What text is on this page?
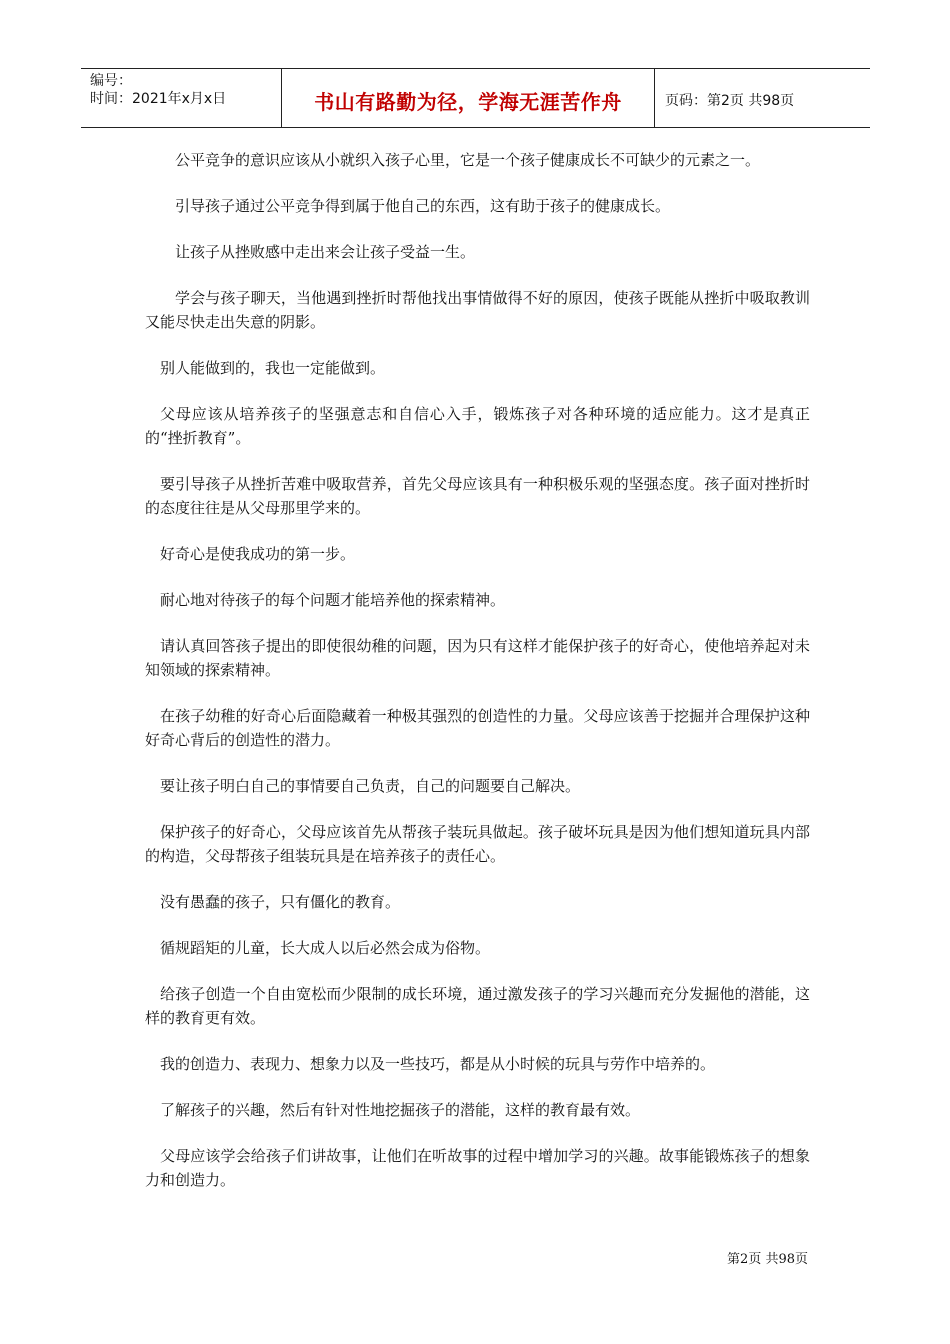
编号：
时间：2021年x月x日	书山有路勤为径，学海无涯苦作舟	页码：第2页 共98页

公平竞争的意识应该从小就织入孩子心里，它是一个孩子健康成长不可缺少的元素之一。

引导孩子通过公平竞争得到属于他自己的东西，这有助于孩子的健康成长。

让孩子从挫败感中走出来会让孩子受益一生。

学会与孩子聊天，当他遇到挫折时帮他找出事情做得不好的原因，使孩子既能从挫折中吸取教训又能尽快走出失意的阴影。

别人能做到的，我也一定能做到。

父母应该从培养孩子的坚强意志和自信心入手，锻炼孩子对各种环境的适应能力。这才是真正的“挫折教育”。

要引导孩子从挫折苦难中吸取营养，首先父母应该具有一种积极乐观的坚强态度。孩子面对挫折时的态度往往是从父母那里学来的。

好奇心是使我成功的第一步。

耐心地对待孩子的每个问题才能培养他的探索精神。

请认真回答孩子提出的即使很幼稚的问题，因为只有这样才能保护孩子的好奇心，使他培养起对未知领域的探索精神。

在孩子幼稚的好奇心后面隐藏着一种极其强烈的创造性的力量。父母应该善于挖掘并合理保护这种好奇心背后的创造性的潜力。

要让孩子明白自己的事情要自己负责，自己的问题要自己解决。

保护孩子的好奇心，父母应该首先从帮孩子装玩具做起。孩子破坏玩具是因为他们想知道玩具内部的构造，父母帮孩子组装玩具是在培养孩子的责任心。

没有愚蠢的孩子，只有僵化的教育。

循规蹈矩的儿童，长大成人以后必然会成为俗物。

给孩子创造一个自由宽松而少限制的成长环境，通过激发孩子的学习兴趣而充分发掘他的潜能，这样的教育更有效。

我的创造力、表现力、想象力以及一些技巧，都是从小时候的玩具与劳作中培养的。

了解孩子的兴趣，然后有针对性地挖掘孩子的潜能，这样的教育最有效。

父母应该学会给孩子们讲故事，让他们在听故事的过程中增加学习的兴趣。故事能锻炼孩子的想象力和创造力。

第2页 共98页
